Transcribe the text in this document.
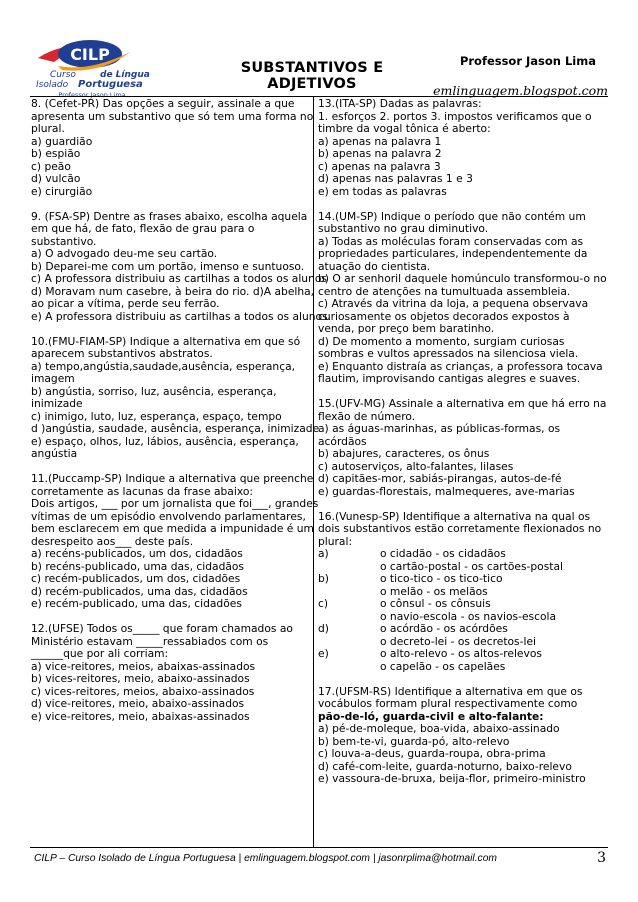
CILP
Curso	de Língua
Isolado Portuguesa
Professor Jason Lima
SUBSTANTIVOS E ADJETIVOS
Professor Jason Lima
emlinguagem.blogspot.com
8. (Cefet-PR) Das opções a seguir, assinale a que
apresenta um substantivo que só tem uma forma no
plural.
a) guardião
b) espião
c) peão
d) vulcão
e) cirurgião
9. (FSA-SP) Dentre as frases abaixo, escolha aquela
em que há, de fato, flexão de grau para o
substantivo.
a) O advogado deu-me seu cartão.
b) Deparei-me com um portão, imenso e suntuoso.
c) A professora distribuiu as cartilhas a todos os alunos
d) Moravam num casebre, à beira do rio. d)A abelha,
ao picar a vítima, perde seu ferrão.
e) A professora distribuiu as cartilhas a todos os alunos.
10.(FMU-FIAM-SP) Indique a alternativa em que só
aparecem substantivos abstratos.
a) tempo,angústia,saudade,ausência, esperança,
imagem
b) angústia, sorriso, luz, ausência, esperança,
inimizade
c) inimigo, luto, luz, esperança, espaço, tempo
d )angústia, saudade, ausência, esperança, inimizade
e) espaço, olhos, luz, lábios, ausência, esperança,
angústia
11.(Puccamp-SP) Indique a alternativa que preenche
corretamente as lacunas da frase abaixo:
Dois artigos, ___ por um jornalista que foi___, grandes
vítimas de um episódio envolvendo parlamentares,
bem esclarecem em que medida a impunidade é um
desrespeito aos___ deste país.
a) recéns-publicados, um dos, cidadãos
b) recéns-publicado, uma das, cidadãos
c) recém-publicados, um dos, cidadões
d) recém-publicados, uma das, cidadãos
e) recém-publicado, uma das, cidadões
12.(UFSE) Todos os_____ que foram chamados ao
Ministério estavam _____ressabiados com os
______que por ali corriam:
a) vice-reitores, meios, abaixas-assinados
b) vices-reitores, meio, abaixo-assinados
c) vices-reitores, meios, abaixo-assinados
d) vice-reitores, meio, abaixo-assinados
e) vice-reitores, meio, abaixas-assinados
13.(ITA-SP) Dadas as palavras:
1. esforços 2. portos 3. impostos verificamos que o
timbre da vogal tônica é aberto:
a) apenas na palavra 1
b) apenas na palavra 2
c) apenas na palavra 3
d) apenas nas palavras 1 e 3
e) em todas as palavras
14.(UM-SP) Indique o período que não contém um
substantivo no grau diminutivo.
a) Todas as moléculas foram conservadas com as
propriedades particulares, independentemente da
atuação do cientista.
b) O ar senhoril daquele homúnculo transformou-o no
centro de atenções na tumultuada assembleia.
c) Através da vitrina da loja, a pequena observava
curiosamente os objetos decorados expostos à
venda, por preço bem baratinho.
d) De momento a momento, surgiam curiosas
sombras e vultos apressados na silenciosa viela.
e) Enquanto distraía as crianças, a professora tocava
flautim, improvisando cantigas alegres e suaves.
15.(UFV-MG) Assinale a alternativa em que há erro na
flexão de número.
a) as águas-marinhas, as públicas-formas, os
acórdãos
b) abajures, caracteres, os ônus
c) autoserviços, alto-falantes, lilases
d) capitães-mor, sabiás-pirangas, autos-de-fé
e) guardas-florestais, malmequeres, ave-marias
16.(Vunesp-SP) Identifique a alternativa na qual os
dois substantivos estão corretamente flexionados no
plural:
a)	o cidadão - os cidadãos
o cartão-postal - os cartões-postal
b)	o tico-tico - os tico-tico
o melão - os melãos
c)	o cônsul - os cônsuis
o navio-escola - os navios-escola
d)	o acórdão - os acórdões
o decreto-lei - os decretos-lei
e)	o alto-relevo - os altos-relevos
o capelão - os capelães
17.(UFSM-RS) Identifique a alternativa em que os
vocábulos formam plural respectivamente como
pão-de-ló, guarda-civil e alto-falante:
a) pé-de-moleque, boa-vida, abaixo-assinado
b) bem-te-vi, guarda-pó, alto-relevo
c) louva-a-deus, guarda-roupa, obra-prima
d) café-com-leite, guarda-noturno, baixo-relevo
e) vassoura-de-bruxa, beija-flor, primeiro-ministro
CILP – Curso Isolado de Língua Portuguesa | emlinguagem.blogspot.com | jasonrplima@hotmail.com	3
